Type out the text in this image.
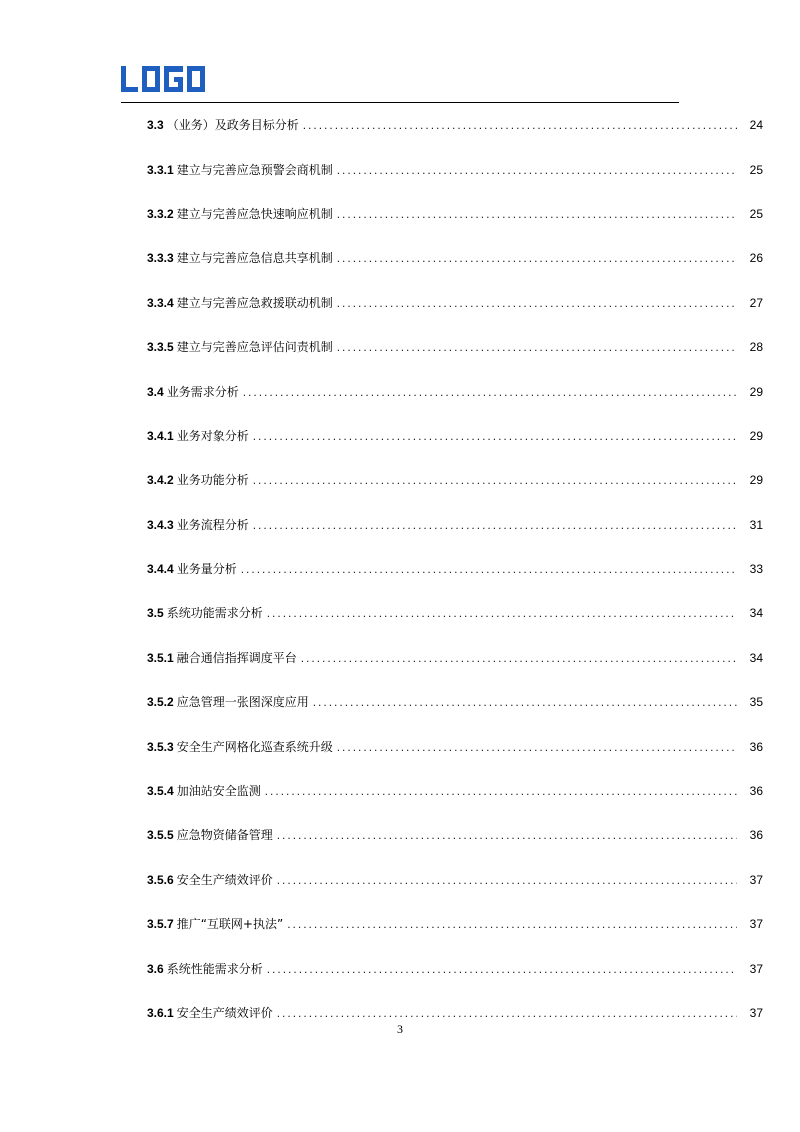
3.3 （业务）及政务目标分析 .....	24
3.3.1 建立与完善应急预警会商机制 .....	25
3.3.2 建立与完善应急快速响应机制 .....	25
3.3.3 建立与完善应急信息共享机制 .....	26
3.3.4 建立与完善应急救援联动机制 .....	27
3.3.5 建立与完善应急评估问责机制 .....	28
3.4 业务需求分析 .....	29
3.4.1 业务对象分析 .....	29
3.4.2 业务功能分析 .....	29
3.4.3 业务流程分析 .....	31
3.4.4 业务量分析 .....	33
3.5 系统功能需求分析 .....	34
3.5.1 融合通信指挥调度平台 .....	34
3.5.2 应急管理一张图深度应用 .....	35
3.5.3 安全生产网格化巡查系统升级 .....	36
3.5.4 加油站安全监测 .....	36
3.5.5 应急物资储备管理 .....	36
3.5.6 安全生产绩效评价 .....	37
3.5.7 推广“互联网+执法” .....	37
3.6 系统性能需求分析 .....	37
3.6.1 安全生产绩效评价 .....	37
3
